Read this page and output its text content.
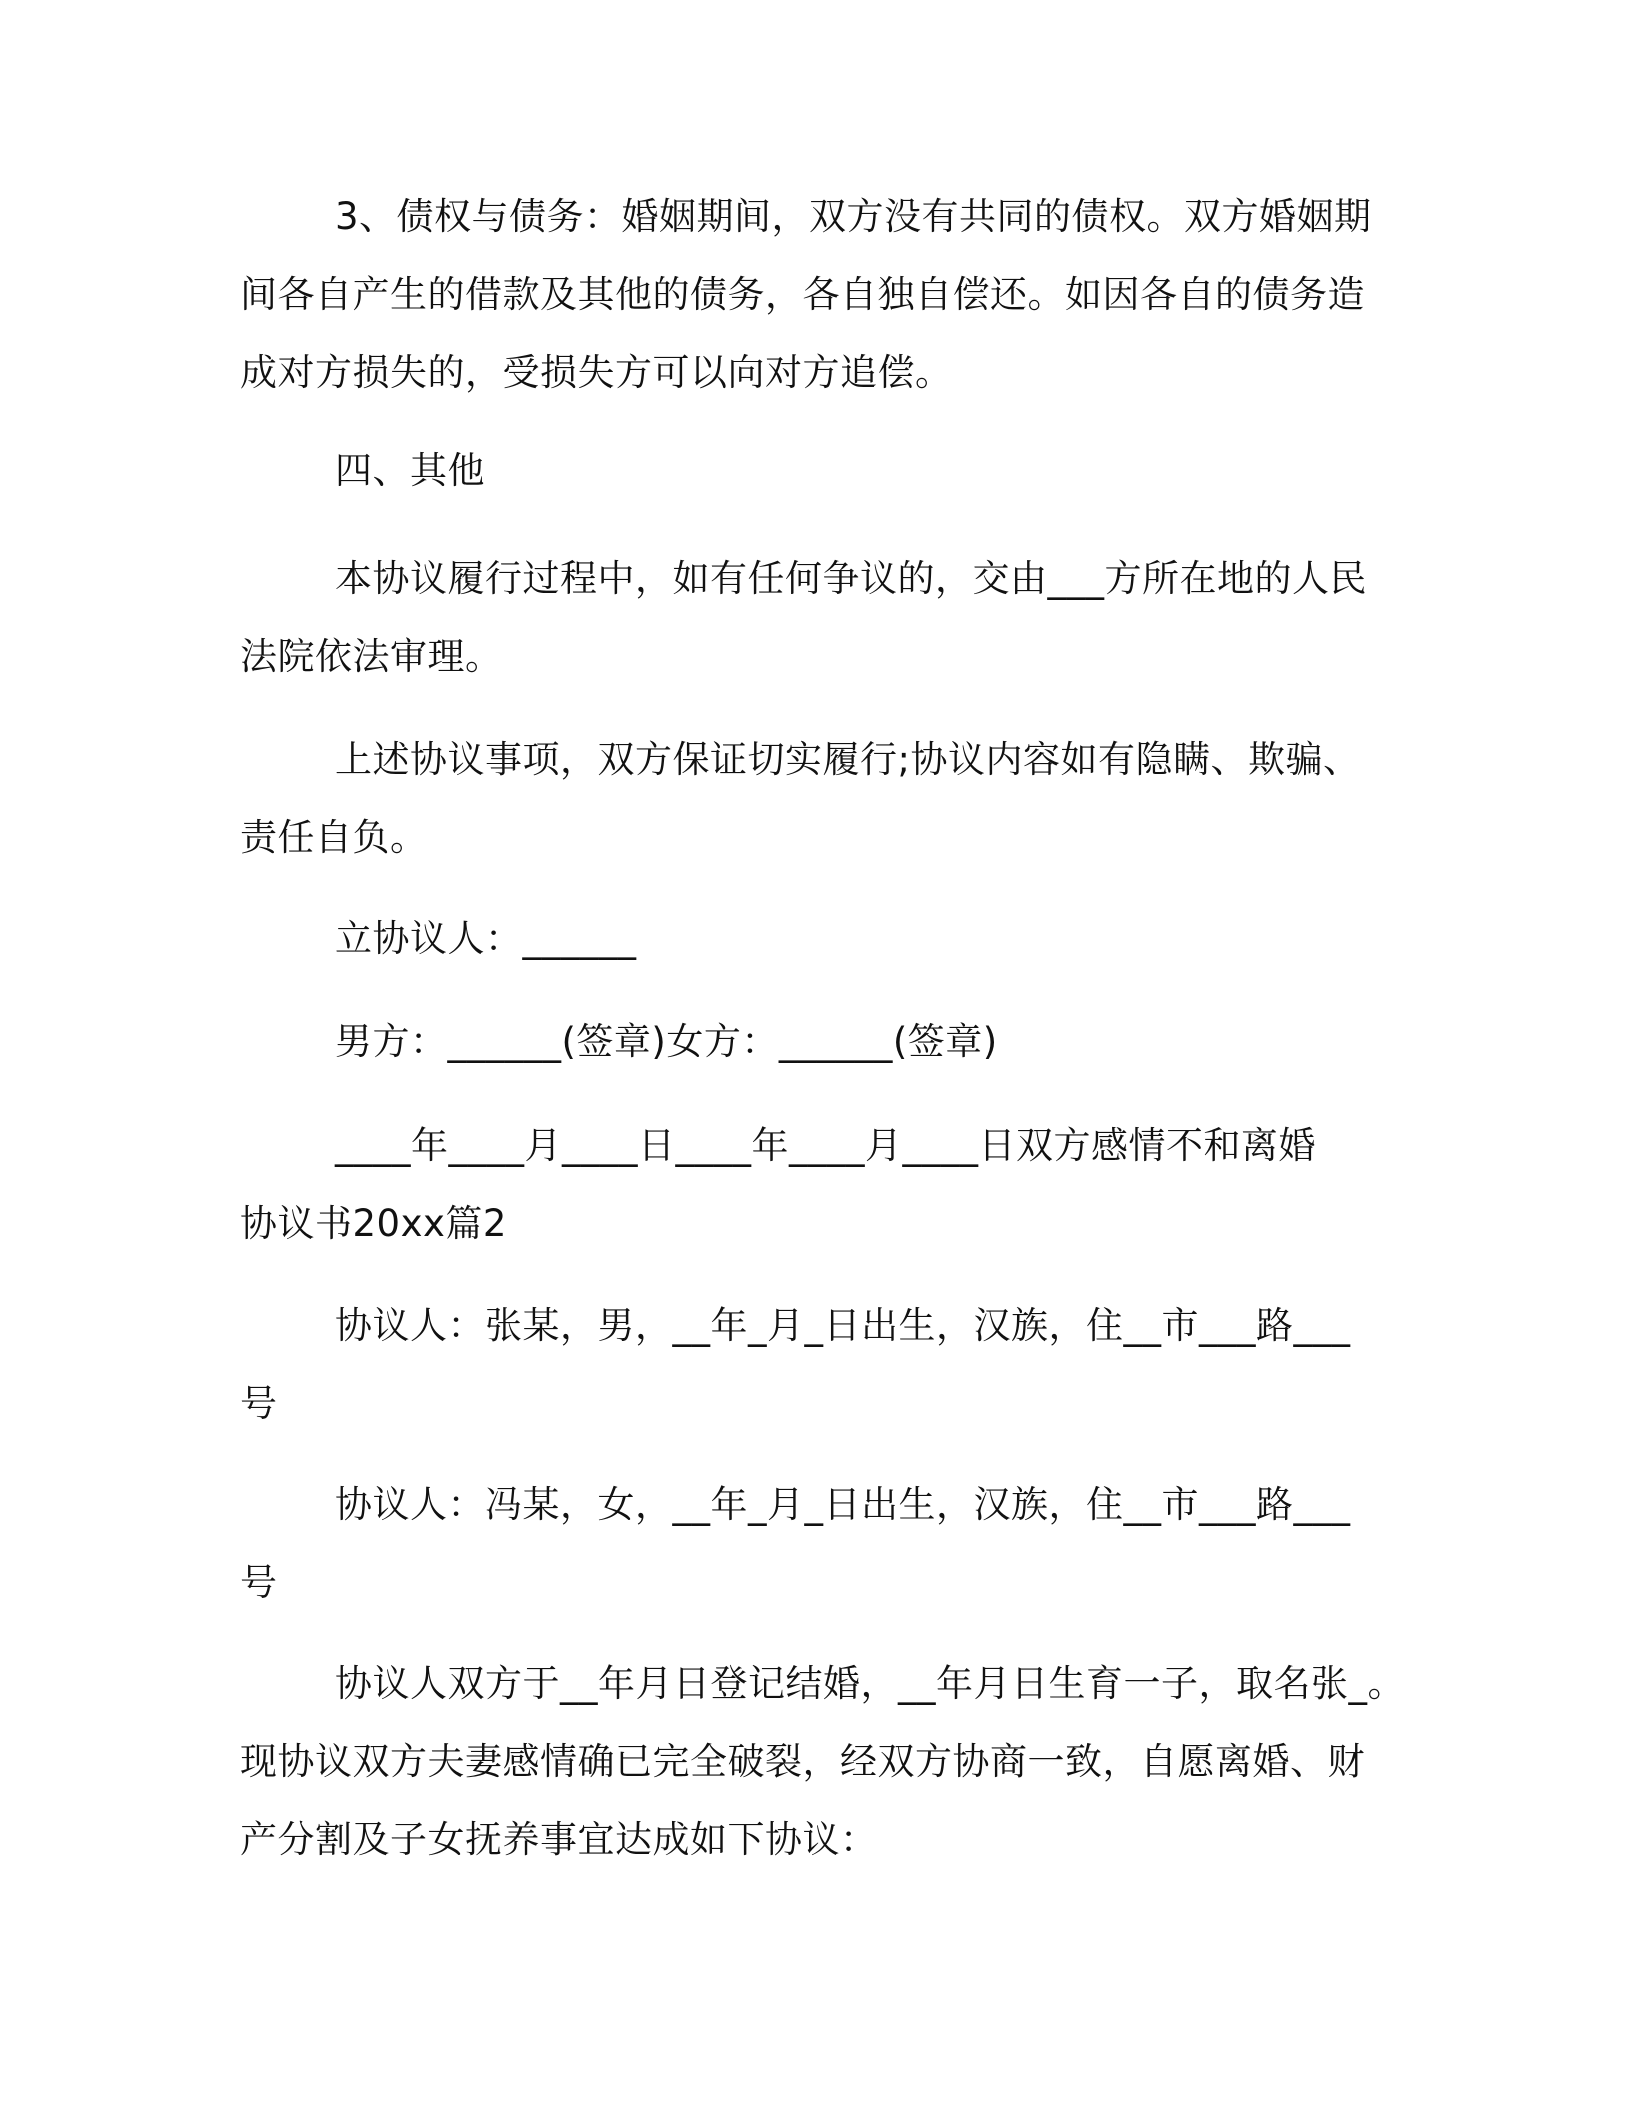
3、债权与债务：婚姻期间，双方没有共同的债权。双方婚姻期
间各自产生的借款及其他的债务，各自独自偿还。如因各自的债务造
成对方损失的，受损失方可以向对方追偿。
四、其他
本协议履行过程中，如有任何争议的，交由___方所在地的人民
法院依法审理。
上述协议事项，双方保证切实履行;协议内容如有隐瞒、欺骗、
责任自负。
立协议人：______
男方：______(签章)女方：______(签章)
____年____月____日____年____月____日双方感情不和离婚
协议书20xx篇2
协议人：张某，男，__年_月_日出生，汉族，住__市___路___
号
协议人：冯某，女，__年_月_日出生，汉族，住__市___路___
号
协议人双方于__年月日登记结婚，__年月日生育一子，取名张_。
现协议双方夫妻感情确已完全破裂，经双方协商一致，自愿离婚、财
产分割及子女抚养事宜达成如下协议：
